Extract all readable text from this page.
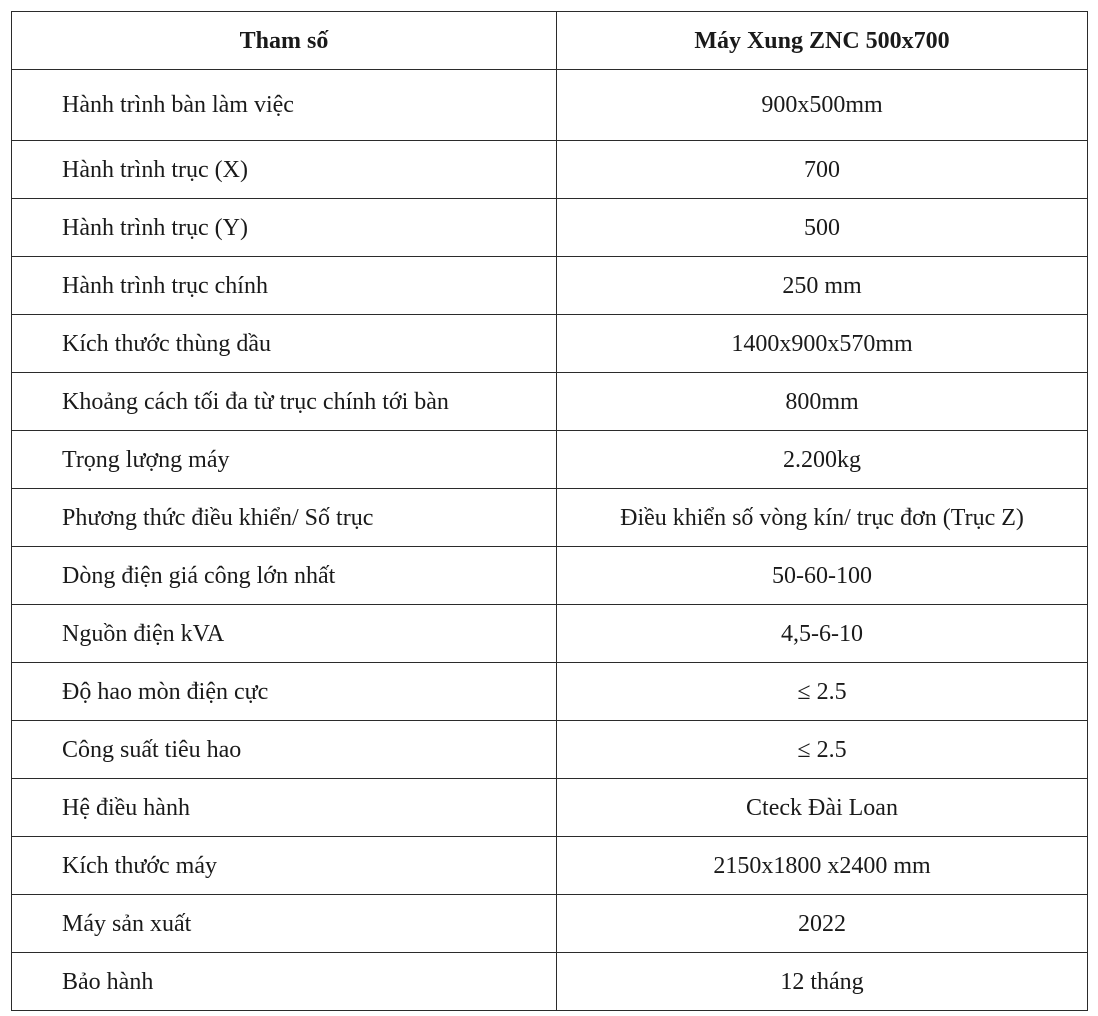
Tham số	Máy Xung ZNC 500x700
Hành trình bàn làm việc	900x500mm
Hành trình trục (X)	700
Hành trình trục (Y)	500
Hành trình trục chính	250 mm
Kích thước thùng dầu	1400x900x570mm
Khoảng cách tối đa từ trục chính tới bàn	800mm
Trọng lượng máy	2.200kg
Phương thức điều khiển/ Số trục	Điều khiển số vòng kín/ trục đơn (Trục Z)
Dòng điện giá công lớn nhất	50-60-100
Nguồn điện kVA	4,5-6-10
Độ hao mòn điện cực	≤ 2.5
Công suất tiêu hao	≤ 2.5
Hệ điều hành	Cteck Đài Loan
Kích thước máy	2150x1800 x2400 mm
Máy sản xuất	2022
Bảo hành	12 tháng
